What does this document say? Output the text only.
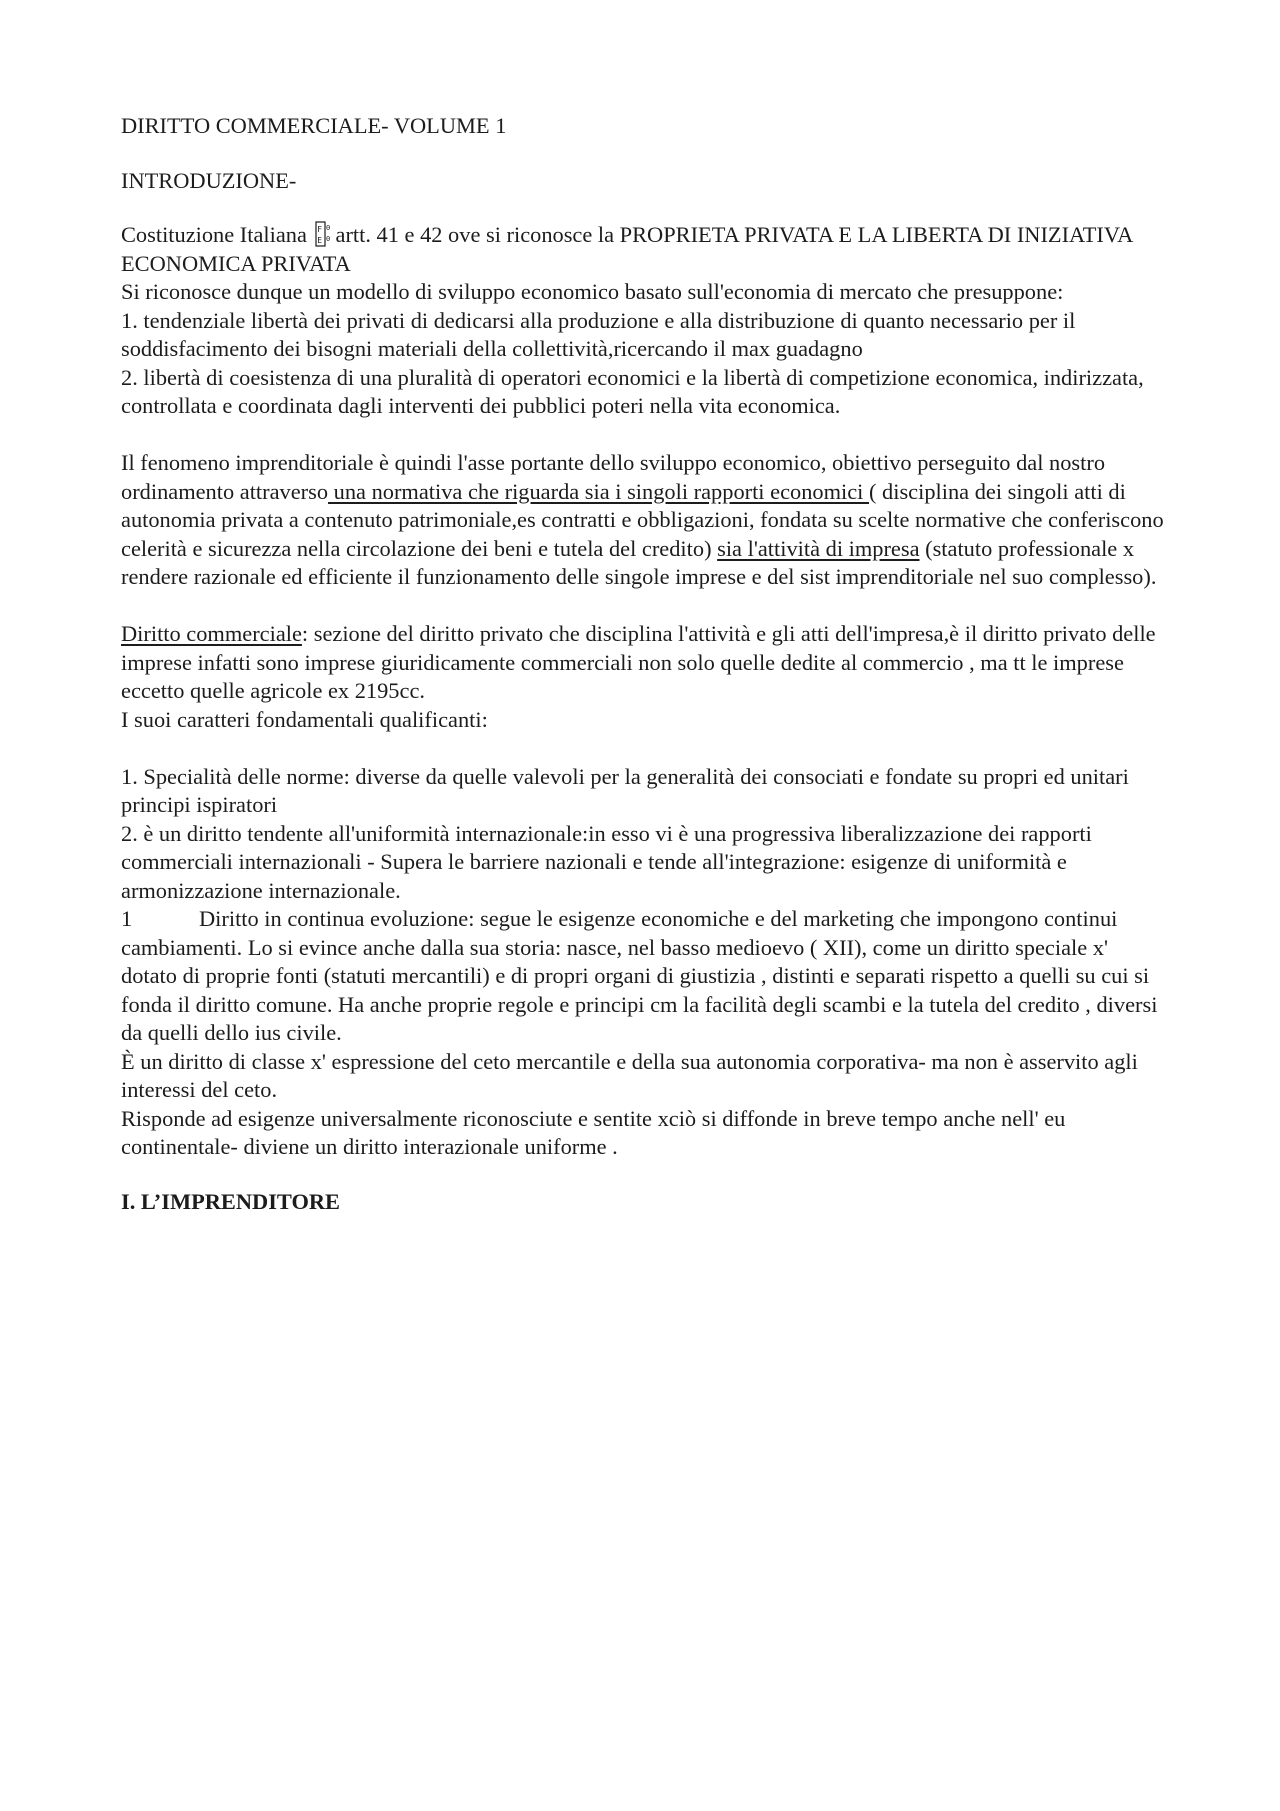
DIRITTO COMMERCIALE- VOLUME 1

INTRODUZIONE-

Costituzione Italiana F
E
0
0 artt. 41 e 42 ove si riconosce la PROPRIETA PRIVATA E LA LIBERTA DI INIZIATIVA ECONOMICA PRIVATA

Si riconosce dunque un modello di sviluppo economico basato sull'economia di mercato che presuppone:

1. tendenziale libertà dei privati di dedicarsi alla produzione e alla distribuzione di quanto necessario per il soddisfacimento dei bisogni materiali della collettività,ricercando il max guadagno

2. libertà di coesistenza di una pluralità di operatori economici e la libertà di competizione economica, indirizzata, controllata e coordinata dagli interventi dei pubblici poteri nella vita economica.

Il fenomeno imprenditoriale è quindi l'asse portante dello sviluppo economico, obiettivo perseguito dal nostro ordinamento attraverso una normativa che riguarda sia i singoli rapporti economici ( disciplina dei singoli atti di autonomia privata a contenuto patrimoniale,es contratti e obbligazioni, fondata su scelte normative che conferiscono celerità e sicurezza nella circolazione dei beni e tutela del credito) sia l'attività di impresa (statuto professionale x rendere razionale ed efficiente il funzionamento delle singole imprese e del sist imprenditoriale nel suo complesso).

Diritto commerciale: sezione del diritto privato che disciplina l'attività e gli atti dell'impresa,è il diritto privato delle imprese infatti sono imprese giuridicamente commerciali non solo quelle dedite al commercio , ma tt le imprese eccetto quelle agricole ex 2195cc.

I suoi caratteri fondamentali qualificanti:

1. Specialità delle norme: diverse da quelle valevoli per la generalità dei consociati e fondate su propri ed unitari principi ispiratori

2. è un diritto tendente all'uniformità internazionale:in esso vi è una progressiva liberalizzazione dei rapporti commerciali internazionali - Supera le barriere nazionali e tende all'integrazione: esigenze di uniformità e armonizzazione internazionale.

1	Diritto in continua evoluzione: segue le esigenze economiche e del marketing che impongono continui cambiamenti. Lo si evince anche dalla sua storia: nasce, nel basso medioevo ( XII), come un diritto speciale x' dotato di proprie fonti (statuti mercantili) e di propri organi di giustizia , distinti e separati rispetto a quelli su cui si fonda il diritto comune. Ha anche proprie regole e principi cm la facilità degli scambi e la tutela del credito , diversi da quelli dello ius civile.

È un diritto di classe x' espressione del ceto mercantile e della sua autonomia corporativa- ma non è asservito agli interessi del ceto.

Risponde ad esigenze universalmente riconosciute e sentite xciò si diffonde in breve tempo anche nell' eu continentale- diviene un diritto interazionale uniforme .

I. L’IMPRENDITORE
